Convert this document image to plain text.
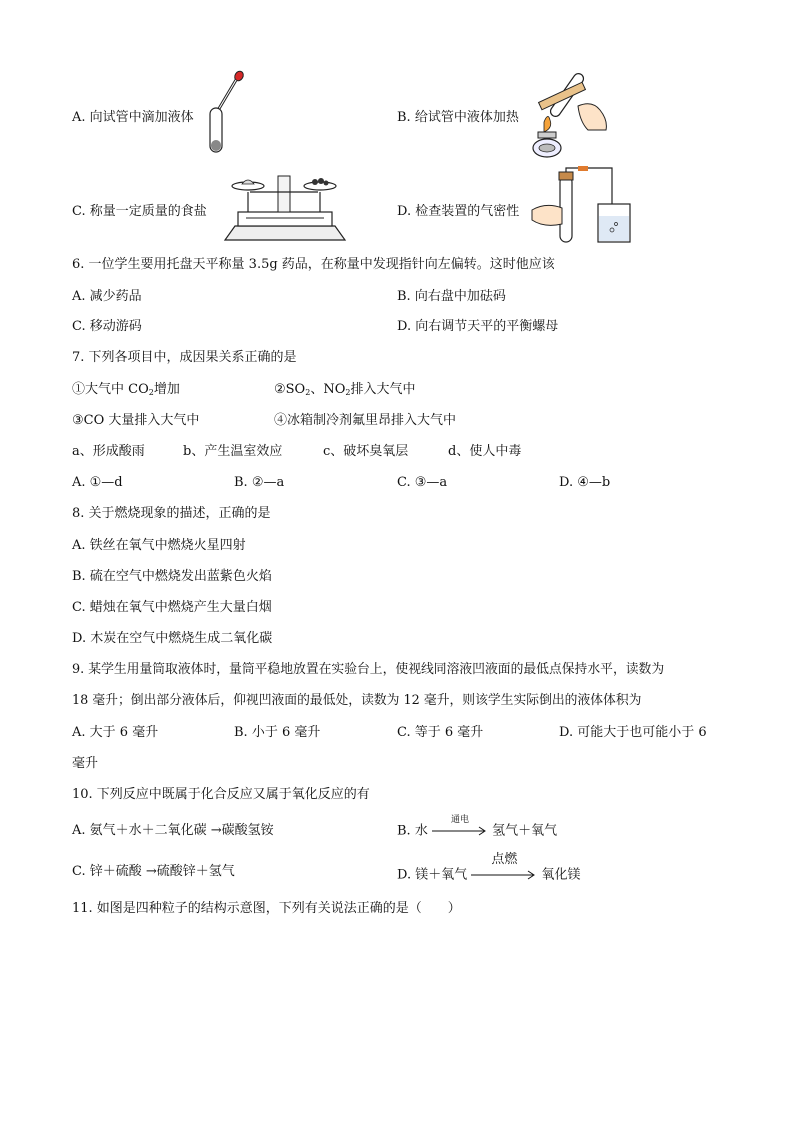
A. 向试管中滴加液体	B. 给试管中液体加热
C. 称量一定质量的食盐	D. 检查装置的气密性
6. 一位学生要用托盘天平称量 3.5g 药品，在称量中发现指针向左偏转。这时他应该
A. 减少药品	B. 向右盘中加砝码
C. 移动游码	D. 向右调节天平的平衡螺母
7. 下列各项目中，成因果关系正确的是
①大气中 $CO_2$增加	$②SO_2$、$NO_2$排入大气中
③CO 大量排入大气中	④冰箱制冷剂氟里昂排入大气中
a、形成酸雨	b、产生温室效应	c、破坏臭氧层	d、使人中毒
A. ①—d	B. ②—a	C. ③—a	D. ④—b
8. 关于燃烧现象的描述，正确的是
A. 铁丝在氧气中燃烧火星四射
B. 硫在空气中燃烧发出蓝紫色火焰
C. 蜡烛在氧气中燃烧产生大量白烟
D. 木炭在空气中燃烧生成二氧化碳
9. 某学生用量筒取液体时，量筒平稳地放置在实验台上，使视线同溶液凹液面的最低点保持水平，读数为
18 毫升；倒出部分液体后，仰视凹液面的最低处，读数为 12 毫升，则该学生实际倒出的液体体积为
A. 大于 6 毫升	B. 小于 6 毫升	C. 等于 6 毫升	D. 可能大于也可能小于 6
毫升
10. 下列反应中既属于化合反应又属于氧化反应的有
A. 氨气＋水＋二氧化碳 →碳酸氢铵	B. 水
通电
氢气＋氧气
C. 锌＋硫酸 →硫酸锌＋氢气	D. 镁＋氧气
点燃
氧化镁
11. 如图是四种粒子的结构示意图，下列有关说法正确的是（　　）
